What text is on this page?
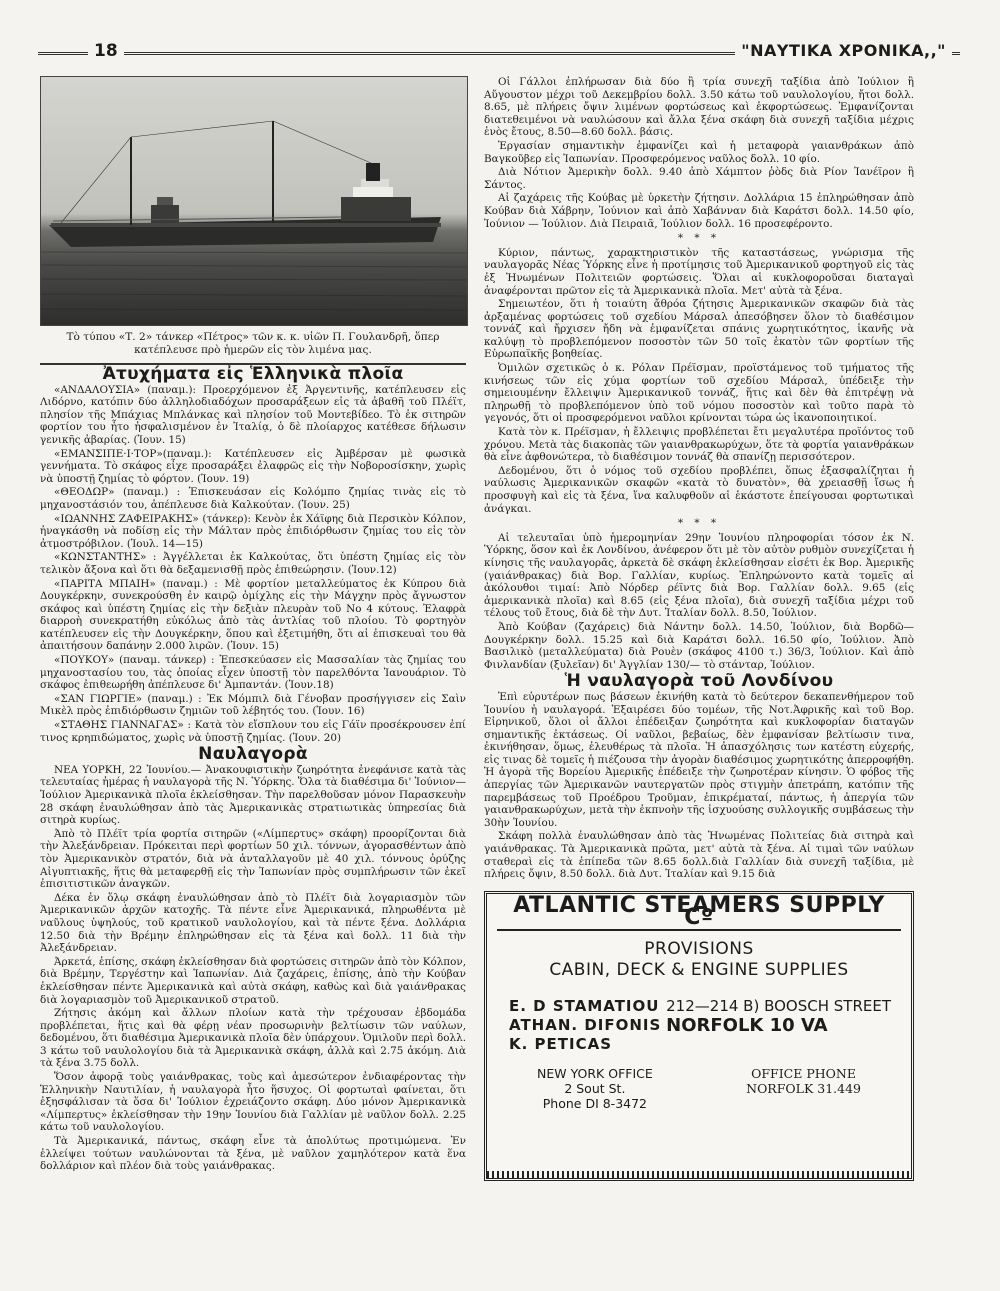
18	"ΝΑΥΤΙΚΑ ΧΡΟΝΙΚΑ,,"
Τὸ τύπου «Τ. 2» τάνκερ «Πέτρος» τῶν κ. κ. υἱῶν Π. Γουλανδρῆ, ὅπερ κατέπλευσε πρὸ ἡμερῶν εἰς τὸν λιμένα μας.
Ἀτυχήματα εἰς Ἑλληνικὰ πλοῖα

«ΑΝΔΑΛΟΥΣΙΑ» (παναμ.): Προερχόμενον ἐξ Ἀργεντινῆς, κατέπλευσεν εἰς Λιδόρνο, κατόπιν δύο ἀλληλοδιαδόχων προσαράξεων εἰς τὰ ἀβαθῆ τοῦ Πλέϊτ, πλησίον τῆς Μπάχιας Μπλάνκας καὶ πλησίον τοῦ Μοντεβίδεο. Τὸ ἐκ σιτηρῶν φορτίον του ἦτο ἠσφαλισμένον ἐν Ἰταλίᾳ, ὁ δὲ πλοίαρχος κατέθεσε δήλωσιν γενικῆς ἀβαρίας. (Ἰουν. 15)

«ΕΜΑΝΣΙΠΕ·Ι·ΤΟΡ»(παναμ.): Κατέπλευσεν εἰς Ἀμβέρσαν μὲ φωσικὰ γεννήματα. Τὸ σκάφος εἶχε προσαράξει ἐλαφρῶς εἰς τὴν Νοβοροσίσκην, χωρὶς νὰ ὑποστῇ ζημίας τὸ φόρτον. (Ἰουν. 19)

«ΘΕΟΔΩΡ» (παναμ.) : Ἐπισκευάσαν εἰς Κολόμπο ζημίας τινὰς εἰς τὸ μηχανοστάσιόν του, ἀπέπλευσε διὰ Καλκούταν. (Ἰουν. 25)

«ΙΩΑΝΝΗΣ ΖΑΦΕΙΡΑΚΗΣ» (τάνκερ): Κενὸν ἐκ Χάϊφης διὰ Περσικὸν Κόλπον, ἠναγκάσθη νὰ ποδίσῃ εἰς τὴν Μάλταν πρὸς ἐπιδιόρθωσιν ζημίας του εἰς τὸν ἀτμοστρόβιλον. (Ἰουλ. 14—15)

«ΚΩΝΣΤΑΝΤΗΣ» : Ἀγγέλλεται ἐκ Καλκούτας, ὅτι ὑπέστη ζημίας εἰς τὸν τελικὸν ἄξονα καὶ ὅτι θὰ δεξαμενισθῇ πρὸς ἐπιθεώρησιν. (Ἰουν.12)

«ΠΑΡΙΤΑ ΜΠΑΙΗ» (παναμ.) : Μὲ φορτίον μεταλλεύματος ἐκ Κύπρου διὰ Δουγκέρκην, συνεκρούσθη ἐν καιρῷ ὁμίχλης εἰς τὴν Μάγχην πρὸς ἄγνωστον σκάφος καὶ ὑπέστη ζημίας εἰς τὴν δεξιὰν πλευρὰν τοῦ Νο 4 κύτους. Ἐλαφρὰ διαρροὴ συνεκρατήθη εὐκόλως ἀπὸ τὰς ἀντλίας τοῦ πλοίου. Τὸ φορτηγὸν κατέπλευσεν εἰς τὴν Δουγκέρκην, ὅπου καὶ ἐξετιμήθη, ὅτι αἱ ἐπισκευαὶ του θὰ ἀπαιτήσουν δαπάνην 2.000 λιρῶν. (Ἰουν. 15)

«ΠΟΥΚΟΥ» (παναμ. τάνκερ) : Ἐπεσκεύασεν εἰς Μασσαλίαν τὰς ζημίας του μηχανοστασίου του, τὰς ὁποίας εἶχεν ὑποστῇ τὸν παρελθόντα Ἰανουάριον. Τὸ σκάφος ἐπιθεωρήθη ἀπέπλευσε δι' Ἀμπαντάν. (Ἰουν.18)

«ΣΑΝ ΓΙΩΡΓΙΕ» (παναμ.) : Ἐκ Μόμπιλ διὰ Γένοβαν προσήγγισεν εἰς Σαὶν Μικὲλ πρὸς ἐπιδιόρθωσιν ζημιῶν τοῦ λέβητός του. (Ἰουν. 16)

«ΣΤΑΘΗΣ ΓΙΑΝΝΑΓΑΣ» : Κατὰ τὸν εἴσπλουν του εἰς Γάϊν προσέκρουσεν ἐπί τινος κρηπιδώματος, χωρὶς νὰ ὑποστῇ ζημίας. (Ἰουν. 20)

Ναυλαγορὰ

ΝΕΑ ΥΟΡΚΗ, 22 Ἰουνίου.— Ἀνακουφιστικὴν ζωηρότητα ἐνεφάνισε κατὰ τὰς τελευταίας ἡμέρας ἡ ναυλαγορὰ τῆς Ν. Ὑόρκης. Ὅλα τὰ διαθέσιμα δι' Ἰούνιον—Ἰούλιον Ἀμερικανικὰ πλοῖα ἐκλείσθησαν. Τὴν παρελθοῦσαν μόνον Παρασκευὴν 28 σκάφη ἐναυλώθησαν ἀπὸ τὰς Ἀμερικανικὰς στρατιωτικὰς ὑπηρεσίας διὰ σιτηρὰ κυρίως.

Ἀπὸ τὸ Πλέϊτ τρία φορτία σιτηρῶν («Λίμπερτυς» σκάφη) προορίζονται διὰ τὴν Ἀλεξάνδρειαν. Πρόκειται περὶ φορτίων 50 χιλ. τόννων, ἀγορασθέντων ἀπὸ τὸν Ἀμερικανικὸν στρατόν, διὰ νὰ ἀνταλλαγοῦν μὲ 40 χιλ. τόννους ὀρύζης Αἰγυπτιακῆς, ἥτις θὰ μεταφερθῇ εἰς τὴν Ἰαπωνίαν πρὸς συμπλήρωσιν τῶν ἐκεῖ ἐπισιτιστικῶν ἀναγκῶν.

Δέκα ἐν ὅλῳ σκάφη ἐναυλώθησαν ἀπὸ τὸ Πλέϊτ διὰ λογαριασμὸν τῶν Ἀμερικανικῶν ἀρχῶν κατοχῆς. Τὰ πέντε εἶνε Ἀμερικανικά, πληρωθέντα μὲ ναῦλους ὑψηλούς, τοῦ κρατικοῦ ναυλολογίου, καὶ τὰ πέντε ξένα. Δολλάρια 12.50 διὰ τὴν Βρέμην ἐπληρώθησαν εἰς τὰ ξένα καὶ δολλ. 11 διὰ τὴν Ἀλεξάνδρειαν.

Ἀρκετά, ἐπίσης, σκάφη ἐκλείσθησαν διὰ φορτώσεις σιτηρῶν ἀπὸ τὸν Κόλπον, διὰ Βρέμην, Τεργέστην καὶ Ἰαπωνίαν. Διὰ ζαχάρεις, ἐπίσης, ἀπὸ τὴν Κούβαν ἐκλείσθησαν πέντε Ἀμερικανικὰ καὶ αὐτὰ σκάφη, καθὼς καὶ διὰ γαιάνθρακας διὰ λογαριασμὸν τοῦ Ἀμερικανικοῦ στρατοῦ.

Ζήτησις ἀκόμη καὶ ἄλλων πλοίων κατὰ τὴν τρέχουσαν ἑβδομάδα προβλέπεται, ἥτις καὶ θὰ φέρῃ νέαν προσωρινὴν βελτίωσιν τῶν ναύλων, δεδομένου, ὅτι διαθέσιμα Ἀμερικανικὰ πλοῖα δὲν ὑπάρχουν. Ὁμιλοῦν περὶ δολλ. 3 κάτω τοῦ ναυλολογίου διὰ τὰ Ἀμερικανικὰ σκάφη, ἀλλὰ καὶ 2.75 ἀκόμη. Διὰ τὰ ξένα 3.75 δολλ.

Ὅσον ἀφορᾷ τοὺς γαιάνθρακας, τοὺς καὶ ἀμεσώτερον ἐνδιαφέροντας τὴν Ἑλληνικὴν Ναυτιλίαν, ἡ ναυλαγορὰ ἦτο ἥσυχος. Οἱ φορτωταὶ φαίνεται, ὅτι ἐξησφάλισαν τὰ ὅσα δι' Ἰούλιον ἐχρειάζοντο σκάφη. Δύο μόνον Ἀμερικανικὰ «Λίμπερτυς» ἐκλείσθησαν τὴν 19ην Ἰουνίου διὰ Γαλλίαν μὲ ναῦλον δολλ. 2.25 κάτω τοῦ ναυλολογίου.

Τὰ Ἀμερικανικά, πάντως, σκάφη εἶνε τὰ ἀπολύτως προτιμώμενα. Ἐν ἐλλείψει τούτων ναυλώνονται τὰ ξένα, μὲ ναῦλον χαμηλότερον κατὰ ἕνα δολλάριον καὶ πλέον διὰ τοὺς γαιάνθρακας.

Οἱ Γάλλοι ἐπλήρωσαν διὰ δύο ἢ τρία συνεχῆ ταξίδια ἀπὸ Ἰούλιον ἢ Αὔγουστον μέχρι τοῦ Δεκεμβρίου δολλ. 3.50 κάτω τοῦ ναυλολογίου, ἤτοι δολλ. 8.65, μὲ πλήρεις ὄψιν λιμένων φορτώσεως καὶ ἐκφορτώσεως. Ἐμφανίζονται διατεθειμένοι νὰ ναυλώσουν καὶ ἄλλα ξένα σκάφη διὰ συνεχῆ ταξίδια μέχρις ἑνὸς ἔτους, 8.50—8.60 δολλ. βάσις.

Ἐργασίαν σημαντικὴν ἐμφανίζει καὶ ἡ μεταφορὰ γαιανθράκων ἀπὸ Βαγκοῦβερ εἰς Ἰαπωνίαν. Προσφερόμενος ναῦλος δολλ. 10 φίο.

Διὰ Νότιον Ἀμερικὴν δολλ. 9.40 ἀπὸ Χάμπτον ῥὸδς διὰ Ρίον Ἰανέϊρον ἢ Σάντος.

Αἱ ζαχάρεις τῆς Κούβας μὲ ὑρκετὴν ζήτησιν. Δολλάρια 15 ἐπληρώθησαν ἀπὸ Κούβαν διὰ Χάβρην, Ἰούνιον καὶ ἀπὸ Χαβάνναν διὰ Καράτσι δολλ. 14.50 φίο, Ἰούνιον — Ἰούλιον. Διὰ Πειραιᾶ, Ἰούλιον δολλ. 16 προσεφέροντο.

* * *

Κύριον, πάντως, χαρακτηριστικὸν τῆς καταστάσεως, γνώρισμα τῆς ναυλαγορᾶς Νέας Ὑόρκης εἶνε ἡ προτίμησις τοῦ Ἀμερικανικοῦ φορτηγοῦ εἰς τὰς ἐξ Ἡνωμένων Πολιτειῶν φορτώσεις. Ὅλαι αἱ κυκλοφοροῦσαι διαταγαὶ ἀναφέρονται πρῶτον εἰς τὰ Ἀμερικανικὰ πλοῖα. Μετ' αὐτὰ τὰ ξένα.

Σημειωτέον, ὅτι ἡ τοιαύτη ἄθρόα ζήτησις Ἀμερικανικῶν σκαφῶν διὰ τὰς ἀρξαμένας φορτώσεις τοῦ σχεδίου Μάρσαλ ἀπεσόβησεν ὅλον τὸ διαθέσιμον τοννάζ καὶ ἤρχισεν ἤδη νὰ ἐμφανίζεται σπάνις χωρητικότητος, ἱκανῆς νὰ καλύψῃ τὸ προβλεπόμενον ποσοστὸν τῶν 50 τοῖς ἑκατὸν τῶν φορτίων τῆς Εὐρωπαϊκῆς βοηθείας.

Ὁμιλῶν σχετικῶς ὁ κ. Ρόλαν Πρέϊσμαν, προϊστάμενος τοῦ τμήματος τῆς κινήσεως τῶν εἰς χύμα φορτίων τοῦ σχεδίου Μάρσαλ, ὑπέδειξε τὴν σημειουμένην ἔλλειψιν Ἀμερικανικοῦ τοννάζ, ἥτις καὶ δὲν θὰ ἐπιτρέψῃ νὰ πληρωθῇ τὸ προβλεπόμενον ὑπὸ τοῦ νόμου ποσοστὸν καὶ τοῦτο παρὰ τὸ γεγονός, ὅτι οἱ προσφερόμενοι ναῦλοι κρίνονται τώρα ὡς ἱκανοποιητικοί.

Κατὰ τὸν κ. Πρέϊσμαν, ἡ ἔλλειψις προβλέπεται ἔτι μεγαλυτέρα προϊόντος τοῦ χρόνου. Μετὰ τὰς διακοπὰς τῶν γαιανθρακωρύχων, ὅτε τὰ φορτία γαιανθράκων θὰ εἶνε ἀφθονώτερα, τὸ διαθέσιμον τοννάζ θὰ σπανίζῃ περισσότερον.

Δεδομένου, ὅτι ὁ νόμος τοῦ σχεδίου προβλέπει, ὅπως ἐξασφαλίζηται ἡ ναύλωσις Ἀμερικανικῶν σκαφῶν «κατὰ τὸ δυνατὸν», θὰ χρειασθῇ ἴσως ἡ προσφυγὴ καὶ εἰς τὰ ξένα, ἵνα καλυφθοῦν αἱ ἑκάστοτε ἐπείγουσαι φορτωτικαὶ ἀνάγκαι.

* * *

Αἱ τελευταῖαι ὑπὸ ἡμερομηνίαν 29ην Ἰουνίου πληροφορίαι τόσον ἐκ Ν. Ὑόρκης, ὅσον καὶ ἐκ Λονδίνου, ἀνέφερον ὅτι μὲ τὸν αὐτὸν ρυθμὸν συνεχίζεται ἡ κίνησις τῆς ναυλαγορᾶς, ἀρκετὰ δὲ σκάφη ἐκλείσθησαν εἰσέτι ἐκ Βορ. Ἀμερικῆς (γαιάνθρακας) διὰ Βορ. Γαλλίαν, κυρίως. Ἐπληρώνοντο κατὰ τομεῖς αἱ ἀκόλουθοι τιμαί: Ἀπὸ Νόρδερ ρέϊντς διὰ Βορ. Γαλλίαν δολλ. 9.65 (εἰς ἀμερικανικὰ πλοῖα) καὶ 8.65 (εἰς ξένα πλοῖα), διὰ συνεχῆ ταξίδια μέχρι τοῦ τέλους τοῦ ἔτους, διὰ δὲ τὴν Δυτ. Ἰταλίαν δολλ. 8.50, Ἰούλιον.

Ἀπὸ Κούβαν (ζαχάρεις) διὰ Νάντην δολλ. 14.50, Ἰούλιον, διὰ Βορδῶ—Δουγκέρκην δολλ. 15.25 καὶ διὰ Καράτσι δολλ. 16.50 φίο, Ἰούλιον. Ἀπὸ Βασιλικὸ (μεταλλεύματα) διὰ Ρουὲν (σκάφος 4100 τ.) 36/3, Ἰούλιον. Καὶ ἀπὸ Φινλανδίαν (ξυλεῖαν) δι' Ἀγγλίαν 130/— τὸ στάνταρ, Ἰούλιον.

Ἡ ναυλαγορὰ τοῦ Λονδίνου

Ἐπὶ εὐρυτέρων πως βάσεων ἐκινήθη κατὰ τὸ δεύτερον δεκαπενθήμερον τοῦ Ἰουνίου ἡ ναυλαγορά. Ἐξαιρέσει δύο τομέων, τῆς Νοτ.Ἀφρικῆς καὶ τοῦ Βορ. Εἰρηνικοῦ, ὅλοι οἱ ἄλλοι ἐπέδειξαν ζωηρότητα καὶ κυκλοφορίαν διαταγῶν σημαντικῆς ἐκτάσεως. Οἱ ναῦλοι, βεβαίως, δὲν ἐμφανίσαν βελτίωσιν τινα, ἐκινήθησαν, ὅμως, ἐλευθέρως τὰ πλοῖα. Ἡ ἀπασχόλησις των κατέστη εὐχερής, εἰς τινας δὲ τομεῖς ἡ πιέζουσα τὴν ἀγορὰν διαθέσιμος χωρητικότης ἀπερροφήθη. Ἡ ἀγορὰ τῆς Βορείου Ἀμερικῆς ἐπέδειξε τὴν ζωηροτέραν κίνησιν. Ὁ φόβος τῆς ἀπεργίας τῶν Ἀμερικανῶν ναυτεργατῶν πρὸς στιγμὴν ἀπετράπη, κατόπιν τῆς παρεμβάσεως τοῦ Προέδρου Τροῦμαν, ἐπικρέματαί, πάντως, ἡ ἀπεργία τῶν γαιανθρακωρύχων, μετὰ τὴν ἐκπνοὴν τῆς ἰσχυούσης συλλογικῆς συμβάσεως τὴν 30ὴν Ἰουνίου.

Σκάφη πολλὰ ἐναυλώθησαν ἀπὸ τὰς Ἡνωμένας Πολιτείας διὰ σιτηρὰ καὶ γαιάνθρακας. Τὰ Ἀμερικανικὰ πρῶτα, μετ' αὐτὰ τὰ ξένα. Αἱ τιμαὶ τῶν ναύλων σταθεραὶ εἰς τὰ ἐπίπεδα τῶν 8.65 δολλ.διὰ Γαλλίαν διὰ συνεχῆ ταξίδια, μὲ πλήρεις ὄψιν, 8.50 δολλ. διὰ Δυτ. Ἰταλίαν καὶ 9.15 διὰ

ATLANTIC STEAMERS SUPPLY Cº
PROVISIONS
CABIN, DECK & ENGINE SUPPLIES
E. D STAMATIOU
ATHAN. DIFONIS
K. PETICAS
212—214 B) BOOSCH STREET
NORFOLK 10 VA
NEW YORK OFFICE
2 Sout St.
Phone DI 8-3472
OFFICE PHONE
NORFOLK 31.449
